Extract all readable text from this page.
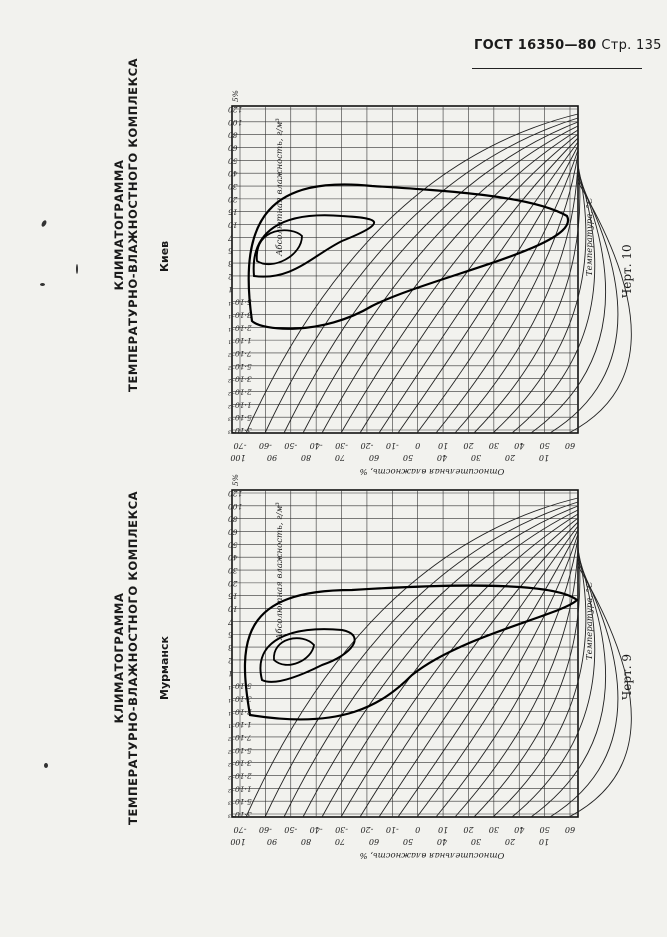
ГОСТ 16350—80 Стр. 135
КЛИМАТОГРАММА ТЕМПЕРАТУРНО-ВЛАЖНОСТНОГО КОМПЛЕКСА Киев	Черт. 10
120
100
80
60
50
40
30
20
15
10
7
5
3
2
1
5·10⁻¹
3·10⁻¹
2·10⁻¹
1·10⁻¹
7·10⁻²
5·10⁻²
3·10⁻²
2·10⁻²
1·10⁻²
5·10⁻³
3·10⁻³
60
50
40
30
20
10
0
-10
-20
-30
-40
-50
-60
-70
100	90	80	70	60	50	40	30	20	10
Абсолютная влажность, г/м³
Относительная влажность, %
Температура, °С
5%
КЛИМАТОГРАММА ТЕМПЕРАТУРНО-ВЛАЖНОСТНОГО КОМПЛЕКСА Мурманск	Черт. 9
120
100
80
60
50
40
30
20
15
10
7
5
3
2
1
5·10⁻¹
3·10⁻¹
2·10⁻¹
1·10⁻¹
7·10⁻²
5·10⁻²
3·10⁻²
2·10⁻²
1·10⁻²
5·10⁻³
3·10⁻³
60
50
40
30
20
10
0
-10
-20
-30
-40
-50
-60
-70
100	90	80	70	60	50	40	30	20	10
Абсолютная влажность, г/м³
Относительная влажность, %
Температура, °С
5%
